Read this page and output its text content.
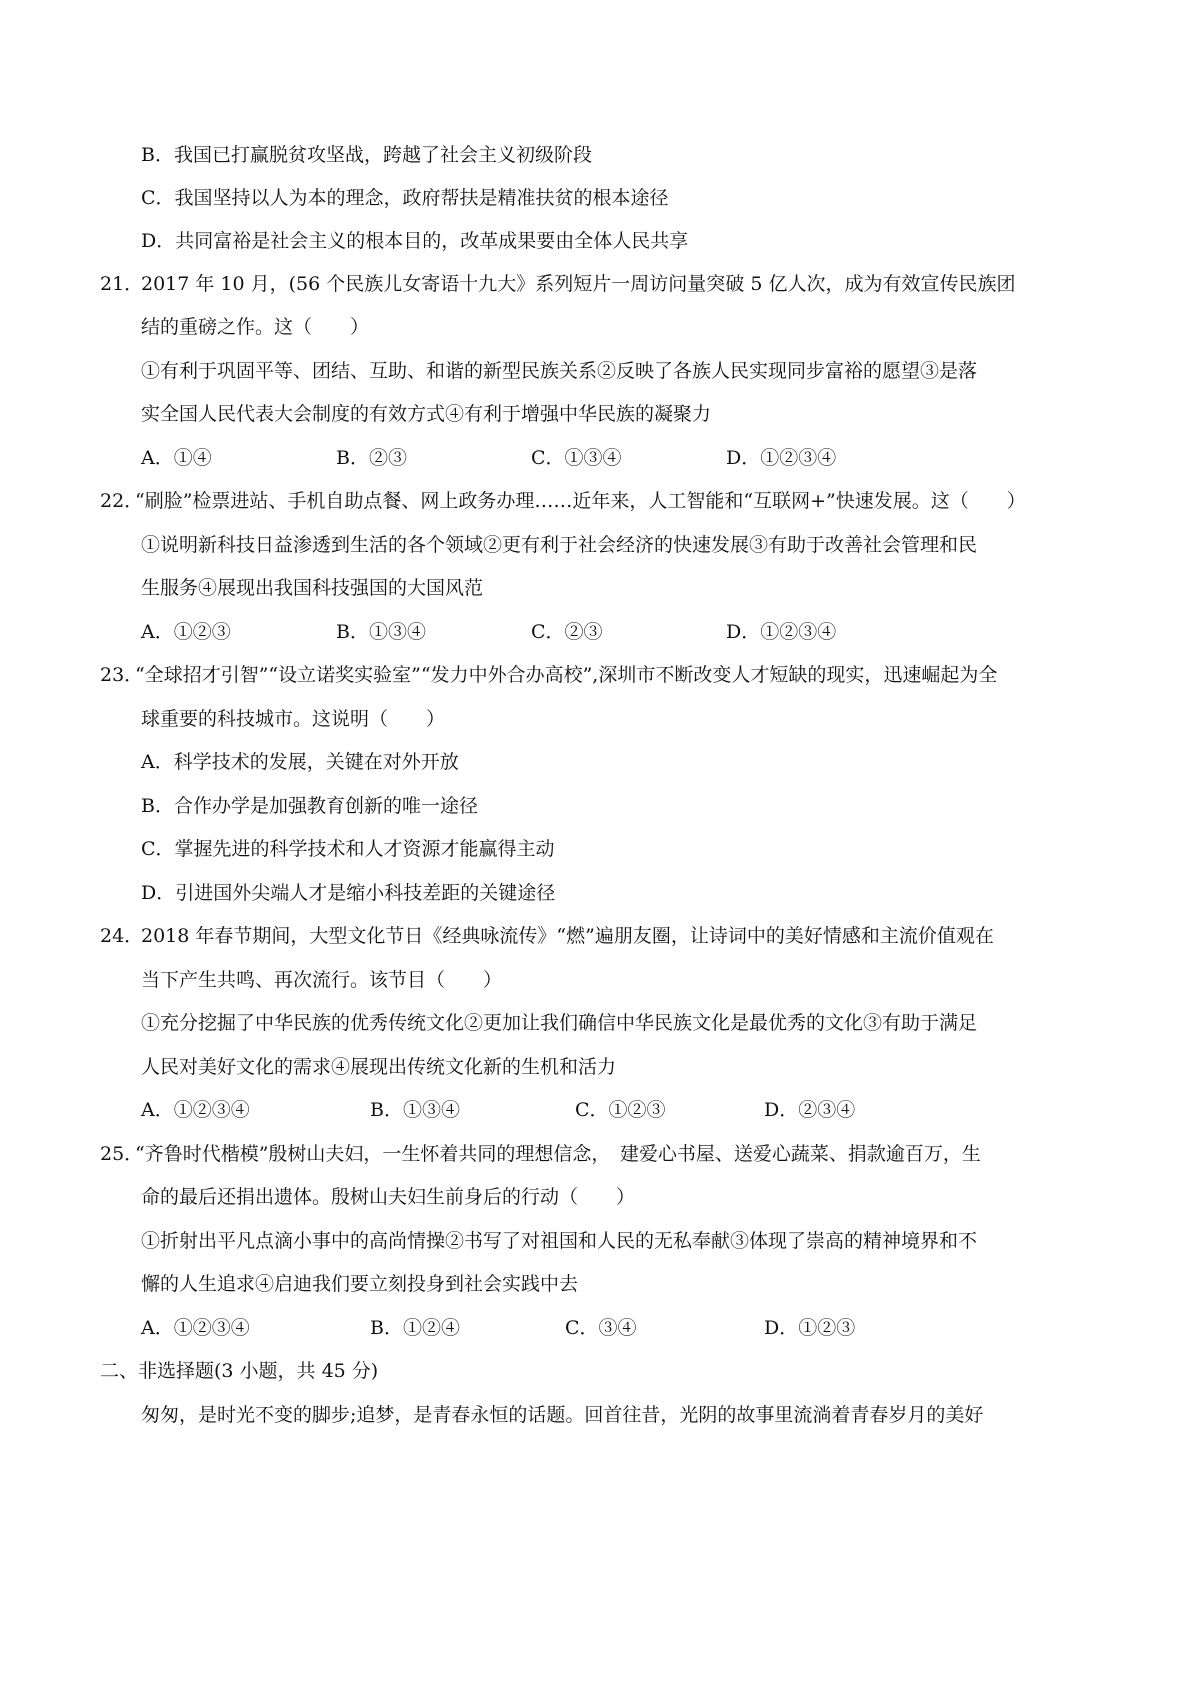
B．我国已打赢脱贫攻坚战，跨越了社会主义初级阶段
C．我国坚持以人为本的理念，政府帮扶是精准扶贫的根本途径
D．共同富裕是社会主义的根本目的，改革成果要由全体人民共享
21．
2017 年 10 月，(56 个民族儿女寄语十九大》系列短片一周访问量突破 5 亿人次，成为有效宣传民族团
结的重磅之作。这（　　）
①有利于巩固平等、团结、互助、和谐的新型民族关系②反映了各族人民实现同步富裕的愿望③是落
实全国人民代表大会制度的有效方式④有利于增强中华民族的凝聚力
A．①④	B．②③	C．①③④	D．①②③④
22．
“刷脸”检票进站、手机自助点餐、网上政务办理……近年来，人工智能和“互联网+”快速发展。这（　　）
①说明新科技日益渗透到生活的各个领域②更有利于社会经济的快速发展③有助于改善社会管理和民
生服务④展现出我国科技强国的大国风范
A．①②③	B．①③④	C．②③	D．①②③④
23．
“全球招才引智”“设立诺奖实验室”“发力中外合办高校”,深圳市不断改变人才短缺的现实，迅速崛起为全
球重要的科技城市。这说明（　　）
A．科学技术的发展，关键在对外开放
B．合作办学是加强教育创新的唯一途径
C．掌握先进的科学技术和人才资源才能赢得主动
D．引进国外尖端人才是缩小科技差距的关键途径
24．
2018 年春节期间，大型文化节日《经典咏流传》“燃”遍朋友圈，让诗词中的美好情感和主流价值观在
当下产生共鸣、再次流行。该节目（　　）
①充分挖掘了中华民族的优秀传统文化②更加让我们确信中华民族文化是最优秀的文化③有助于满足
人民对美好文化的需求④展现出传统文化新的生机和活力
A．①②③④	B．①③④	C．①②③	D．②③④
25．
“齐鲁时代楷模”殷树山夫妇，一生怀着共同的理想信念，　建爱心书屋、送爱心蔬菜、捐款逾百万，生
命的最后还捐出遗体。殷树山夫妇生前身后的行动（　　）
①折射出平凡点滴小事中的高尚情操②书写了对祖国和人民的无私奉献③体现了崇高的精神境界和不
懈的人生追求④启迪我们要立刻投身到社会实践中去
A．①②③④	B．①②④	C．③④	D．①②③
二、非选择题(3 小题，共 45 分)
匆匆，是时光不变的脚步;追梦，是青春永恒的话题。回首往昔，光阴的故事里流淌着青春岁月的美好
